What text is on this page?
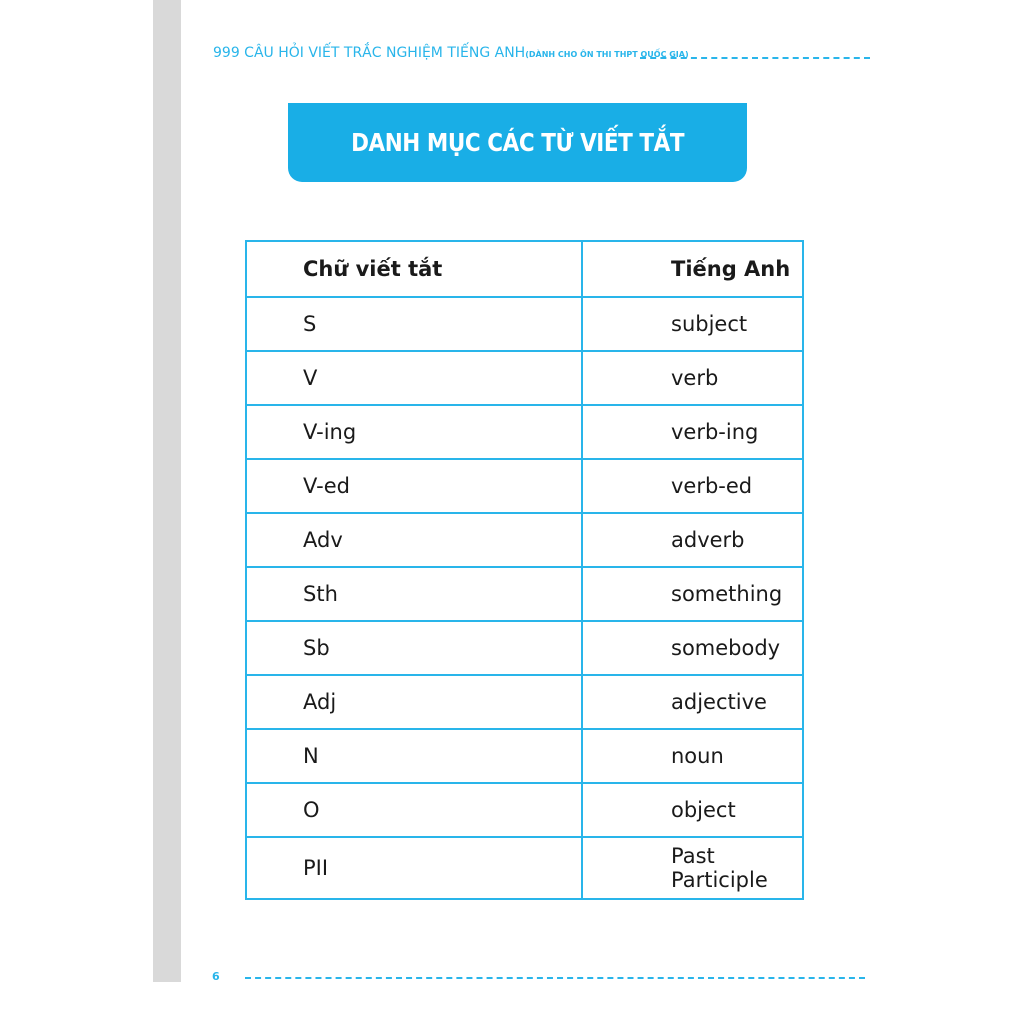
999 CÂU HỎI VIẾT TRẮC NGHIỆM TIẾNG ANH(DÀNH CHO ÔN THI THPT QUỐC GIA)
DANH MỤC CÁC TỪ VIẾT TẮT
Chữ viết tắt	Tiếng Anh
S	subject
V	verb
V-ing	verb-ing
V-ed	verb-ed
Adv	adverb
Sth	something
Sb	somebody
Adj	adjective
N	noun
O	object
PII	Past Participle
6
